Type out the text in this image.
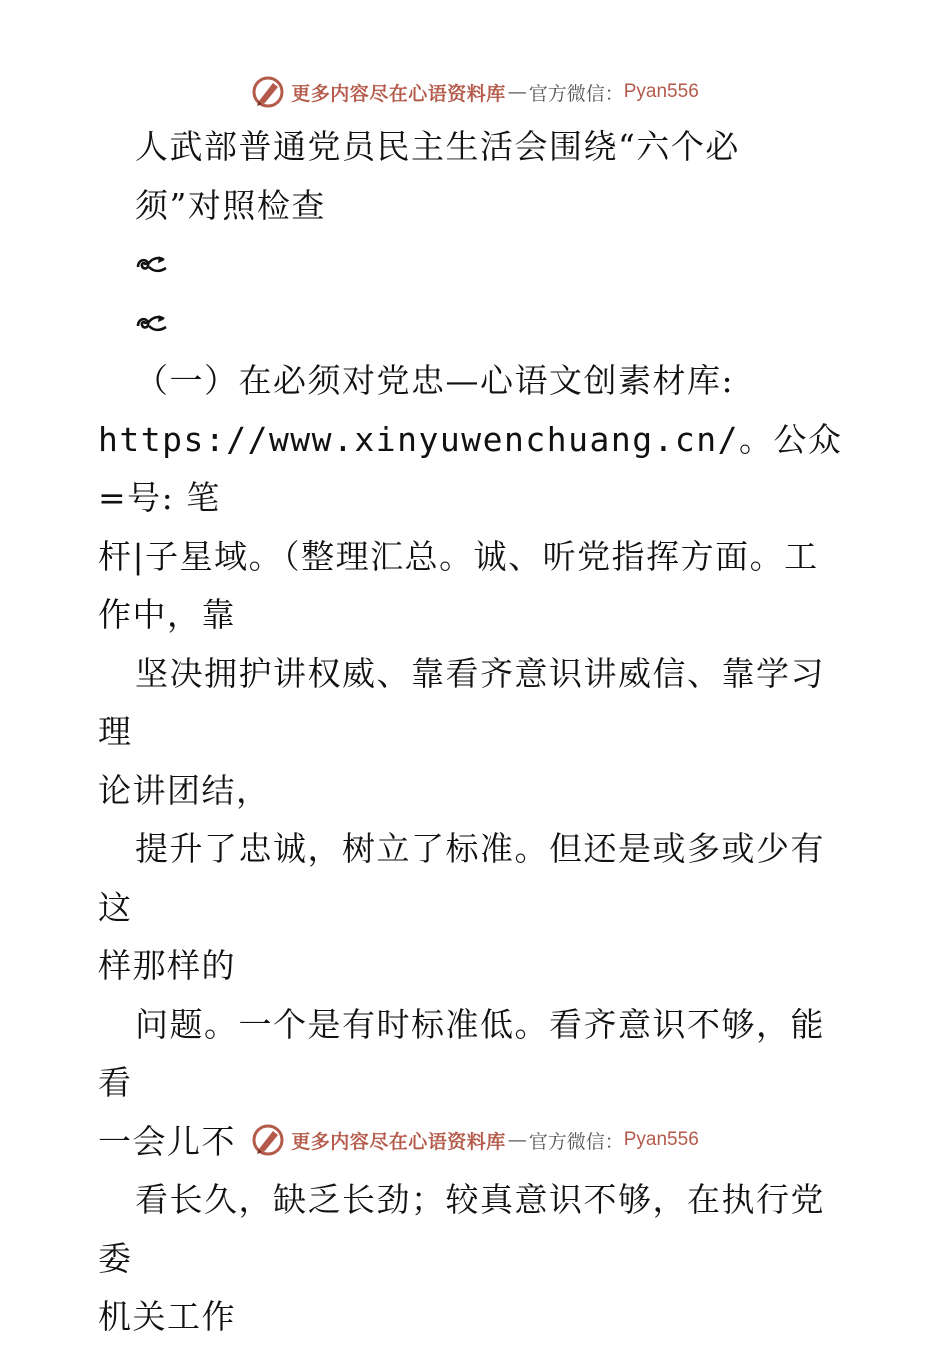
更多内容尽在心语资料库 — 官方微信： Pyan556

人武部普通党员民主生活会围绕“六个必

须”对照检查

（一）在必须对党忠—心语文创素材库:

https://www.xinyuwenchuang.cn/。公众=号: 笔

杆|子星域。（整理汇总。诚、听党指挥方面。工

作中，靠

坚决拥护讲权威、靠看齐意识讲威信、靠学习理

论讲团结，

提升了忠诚，树立了标准。但还是或多或少有这

样那样的

问题。一个是有时标准低。看齐意识不够，能看

一会儿不

看长久，缺乏长劲；较真意识不够，在执行党委

机关工作

更多内容尽在心语资料库 — 官方微信： Pyan556
